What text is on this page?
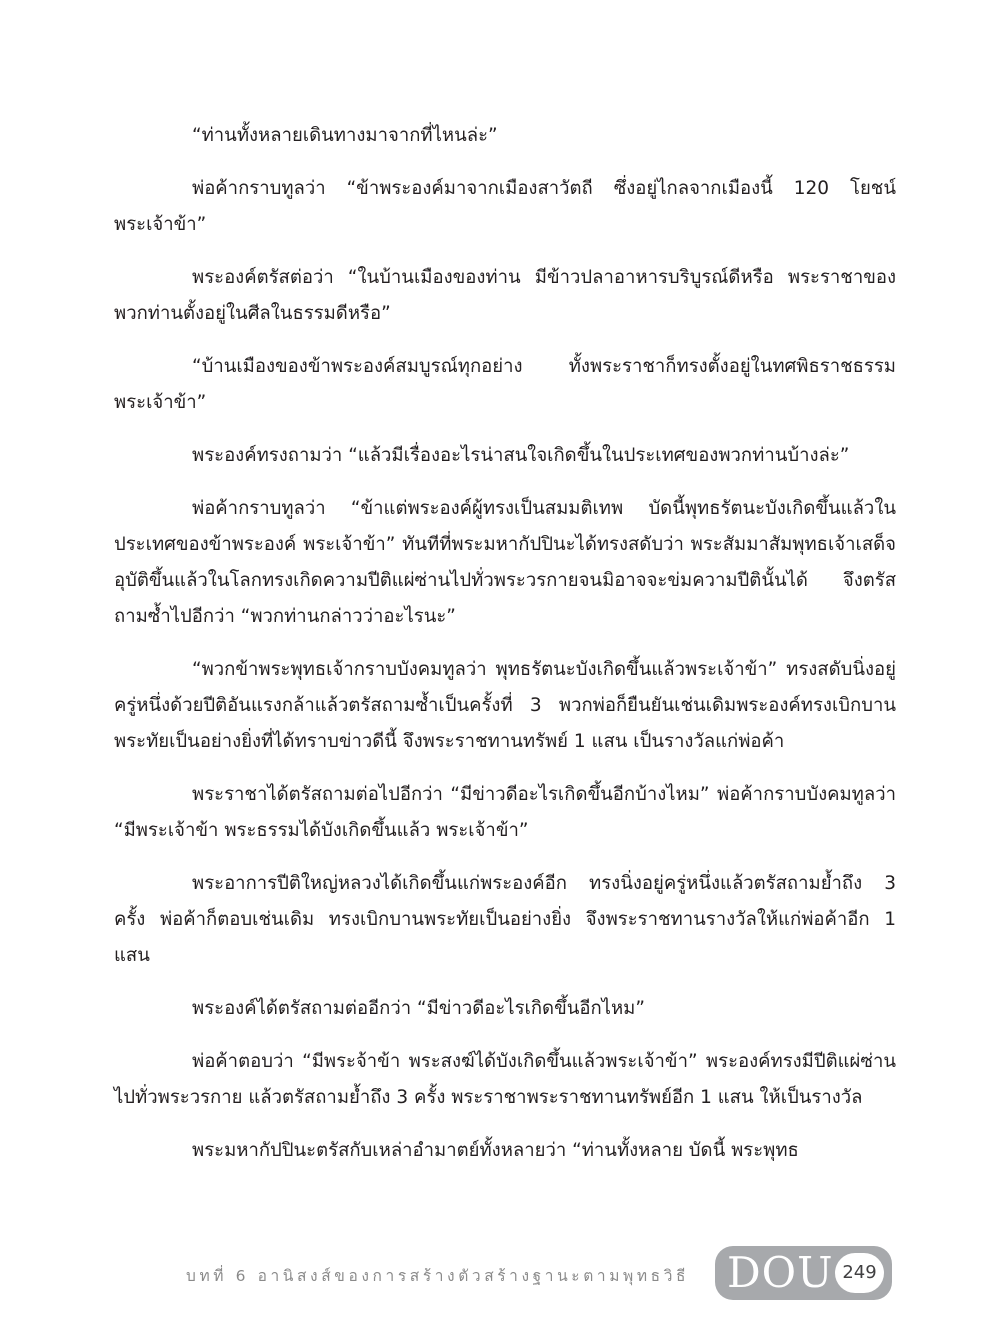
“ท่านทั้งหลายเดินทางมาจากที่ไหนล่ะ”

พ่อค้ากราบทูลว่า “ข้าพระองค์มาจากเมืองสาวัตถี ซึ่งอยู่ไกลจากเมืองนี้ 120 โยชน์ พระเจ้าข้า”

พระองค์ตรัสต่อว่า “ในบ้านเมืองของท่าน มีข้าวปลาอาหารบริบูรณ์ดีหรือ พระราชาของพวกท่านตั้งอยู่ในศีลในธรรมดีหรือ”

“บ้านเมืองของข้าพระองค์สมบูรณ์ทุกอย่าง ทั้งพระราชาก็ทรงตั้งอยู่ในทศพิธราชธรรม พระเจ้าข้า”

พระองค์ทรงถามว่า “แล้วมีเรื่องอะไรน่าสนใจเกิดขึ้นในประเทศของพวกท่านบ้างล่ะ”

พ่อค้ากราบทูลว่า “ข้าแต่พระองค์ผู้ทรงเป็นสมมติเทพ บัดนี้พุทธรัตนะบังเกิดขึ้นแล้วในประเทศของข้าพระองค์ พระเจ้าข้า” ทันทีที่พระมหากัปปินะได้ทรงสดับว่า พระสัมมาสัมพุทธเจ้าเสด็จอุบัติขึ้นแล้วในโลกทรงเกิดความปีติแผ่ซ่านไปทั่วพระวรกายจนมิอาจจะข่มความปีตินั้นได้ จึงตรัสถามซ้ำไปอีกว่า “พวกท่านกล่าวว่าอะไรนะ”

“พวกข้าพระพุทธเจ้ากราบบังคมทูลว่า พุทธรัตนะบังเกิดขึ้นแล้วพระเจ้าข้า” ทรงสดับนิ่งอยู่ครู่หนึ่งด้วยปีติอันแรงกล้าแล้วตรัสถามซ้ำเป็นครั้งที่ 3 พวกพ่อก็ยืนยันเช่นเดิมพระองค์ทรงเบิกบานพระทัยเป็นอย่างยิ่งที่ได้ทราบข่าวดีนี้ จึงพระราชทานทรัพย์ 1 แสน เป็นรางวัลแก่พ่อค้า

พระราชาได้ตรัสถามต่อไปอีกว่า “มีข่าวดีอะไรเกิดขึ้นอีกบ้างไหม” พ่อค้ากราบบังคมทูลว่า “มีพระเจ้าข้า พระธรรมได้บังเกิดขึ้นแล้ว พระเจ้าข้า”

พระอาการปีติใหญ่หลวงได้เกิดขึ้นแก่พระองค์อีก ทรงนิ่งอยู่ครู่หนึ่งแล้วตรัสถามย้ำถึง 3 ครั้ง พ่อค้าก็ตอบเช่นเดิม ทรงเบิกบานพระทัยเป็นอย่างยิ่ง จึงพระราชทานรางวัลให้แก่พ่อค้าอีก 1 แสน

พระองค์ได้ตรัสถามต่ออีกว่า “มีข่าวดีอะไรเกิดขึ้นอีกไหม”

พ่อค้าตอบว่า “มีพระจ้าข้า พระสงฆ์ได้บังเกิดขึ้นแล้วพระเจ้าข้า” พระองค์ทรงมีปีติแผ่ซ่านไปทั่วพระวรกาย แล้วตรัสถามย้ำถึง 3 ครั้ง พระราชาพระราชทานทรัพย์อีก 1 แสน ให้เป็นรางวัล

พระมหากัปปินะตรัสกับเหล่าอำมาตย์ทั้งหลายว่า “ท่านทั้งหลาย บัดนี้ พระพุทธ

บทที่ 6 อานิสงส์ของการสร้างตัวสร้างฐานะตามพุทธวิธี DOU 249
